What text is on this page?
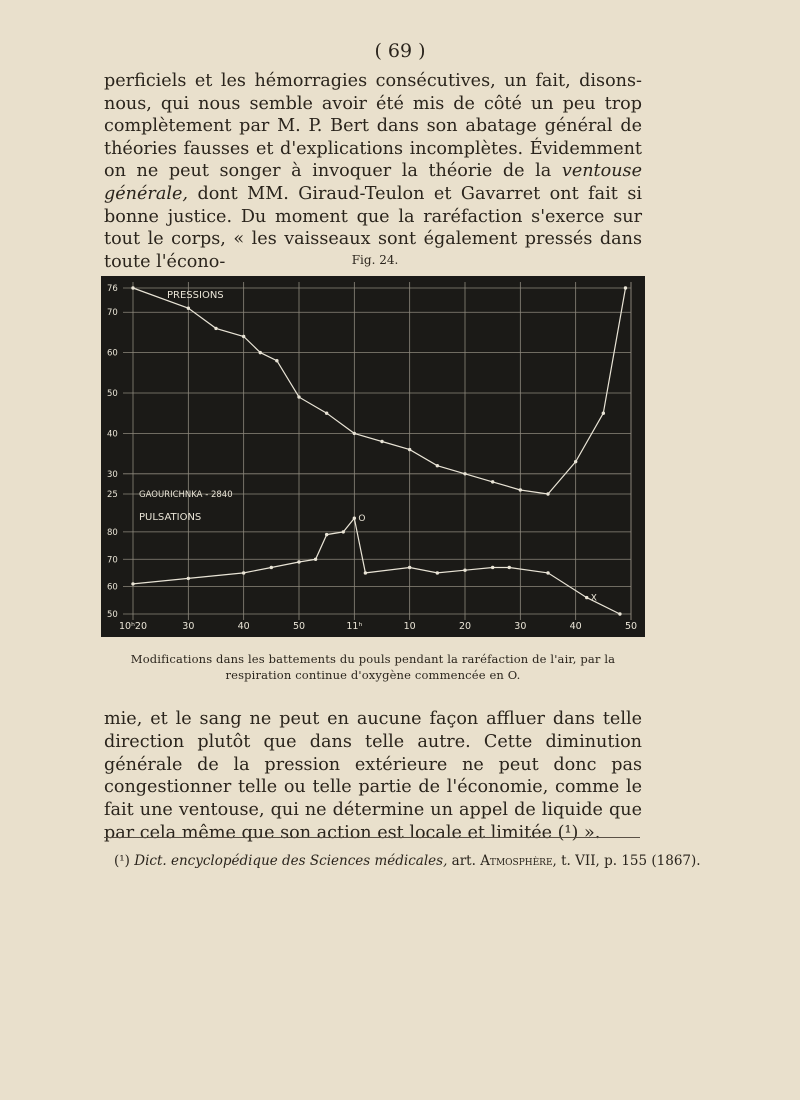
( 69 )

perficiels et les hémorragies consécutives, un fait, disons-nous, qui nous semble avoir été mis de côté un peu trop complètement par M. P. Bert dans son abatage général de théories fausses et d'explications incomplètes. Évidemment on ne peut songer à invoquer la théorie de la ventouse générale, dont MM. Giraud-Teulon et Gavarret ont fait si bonne justice. Du moment que la raréfaction s'exerce sur tout le corps, « les vaisseaux sont également pressés dans toute l'écono-	Fig. 24.
10ʰ20	30	40	50	11ʰ	10	20	30	40	50
76
70
60
50
40
30
25
PRESSIONS
80
70
60
50
PULSATIONS
GAOURICHNKA - 2840
O
X
Modifications dans les battements du pouls pendant la raréfaction de l'air, par la respiration continue d'oxygène commencée en O.

mie, et le sang ne peut en aucune façon affluer dans telle direction plutôt que dans telle autre. Cette diminution générale de la pression extérieure ne peut donc pas congestionner telle ou telle partie de l'économie, comme le fait une ventouse, qui ne détermine un appel de liquide que par cela même que son action est locale et limitée (¹) ».

(¹) Dict. encyclopédique des Sciences médicales, art. Atmosphère, t. VII, p. 155 (1867).
